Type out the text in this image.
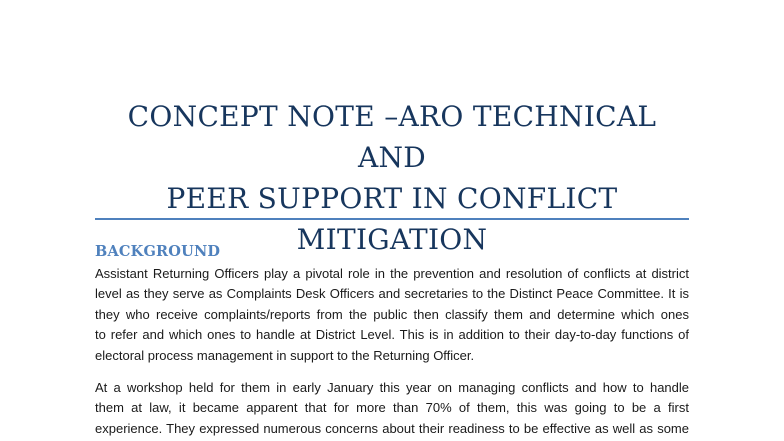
CONCEPT NOTE –ARO TECHNICAL AND
PEER SUPPORT IN CONFLICT
MITIGATION
BACKGROUND
Assistant Returning Officers play a pivotal role in the prevention and resolution of conflicts at district
level as they serve as Complaints Desk Officers and secretaries to the Distinct Peace Committee. It is
they who receive complaints/reports from the public then classify them and determine which ones
to refer and which ones to handle at District Level. This is in addition to their day-to-day functions of
electoral process management in support to the Returning Officer.
At a workshop held for them in early January this year on managing conflicts and how to handle
them at law, it became apparent that for more than 70% of them, this was going to be a first
experience. They expressed numerous concerns about their readiness to be effective as well as some
